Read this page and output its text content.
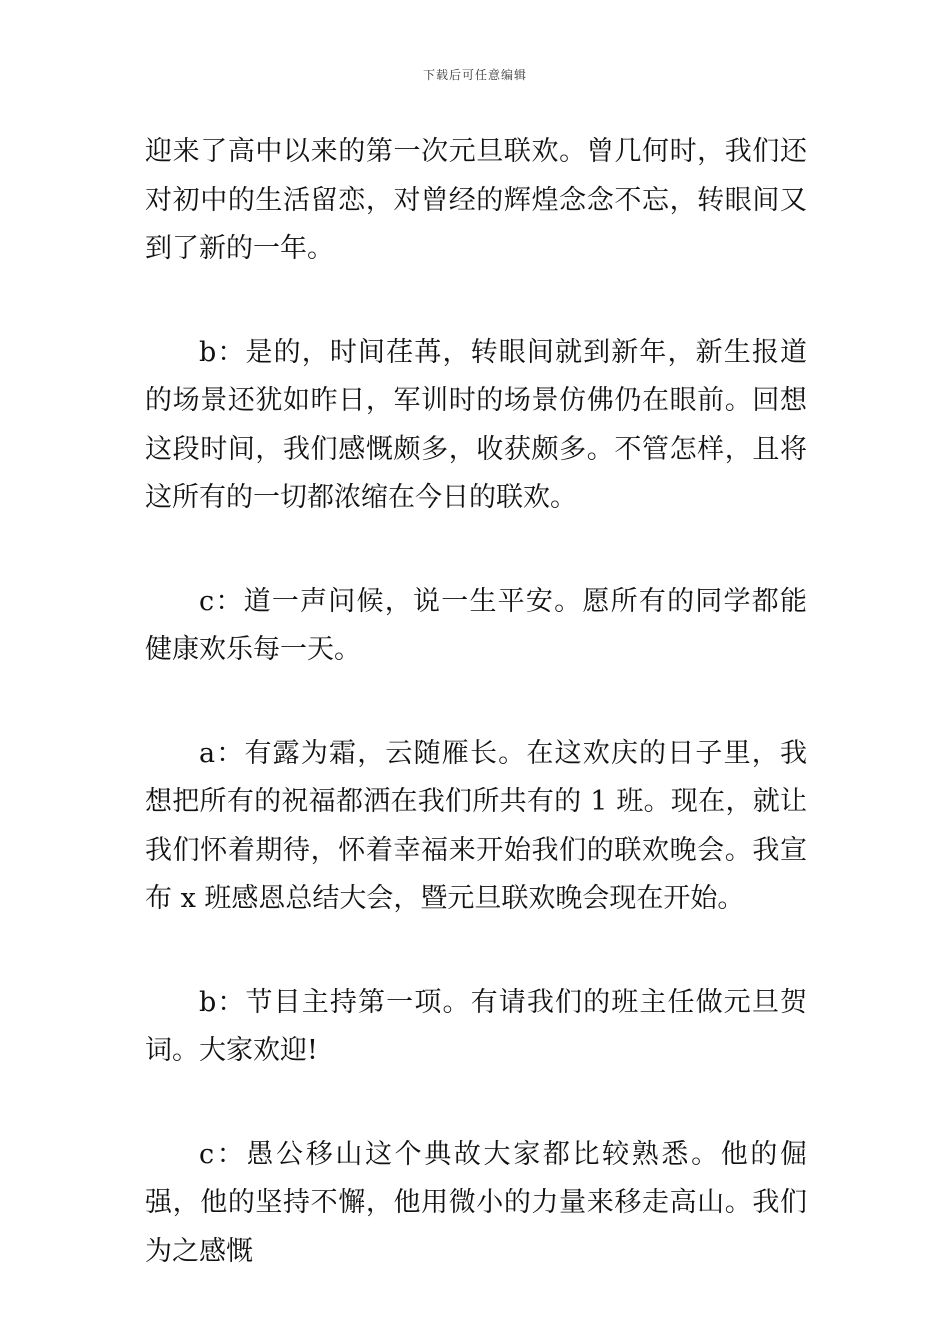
下载后可任意编辑

迎来了高中以来的第一次元旦联欢。曾几何时，我们还对初中的生活留恋，对曾经的辉煌念念不忘，转眼间又到了新的一年。

b：是的，时间荏苒，转眼间就到新年，新生报道的场景还犹如昨日，军训时的场景仿佛仍在眼前。回想这段时间，我们感慨颇多，收获颇多。不管怎样，且将这所有的一切都浓缩在今日的联欢。

c：道一声问候，说一生平安。愿所有的同学都能健康欢乐每一天。

a：有露为霜，云随雁长。在这欢庆的日子里，我想把所有的祝福都洒在我们所共有的 1 班。现在，就让我们怀着期待，怀着幸福来开始我们的联欢晚会。我宣布 x 班感恩总结大会，暨元旦联欢晚会现在开始。

b：节目主持第一项。有请我们的班主任做元旦贺词。大家欢迎!

c：愚公移山这个典故大家都比较熟悉。他的倔强，他的坚持不懈，他用微小的力量来移走高山。我们为之感慨
